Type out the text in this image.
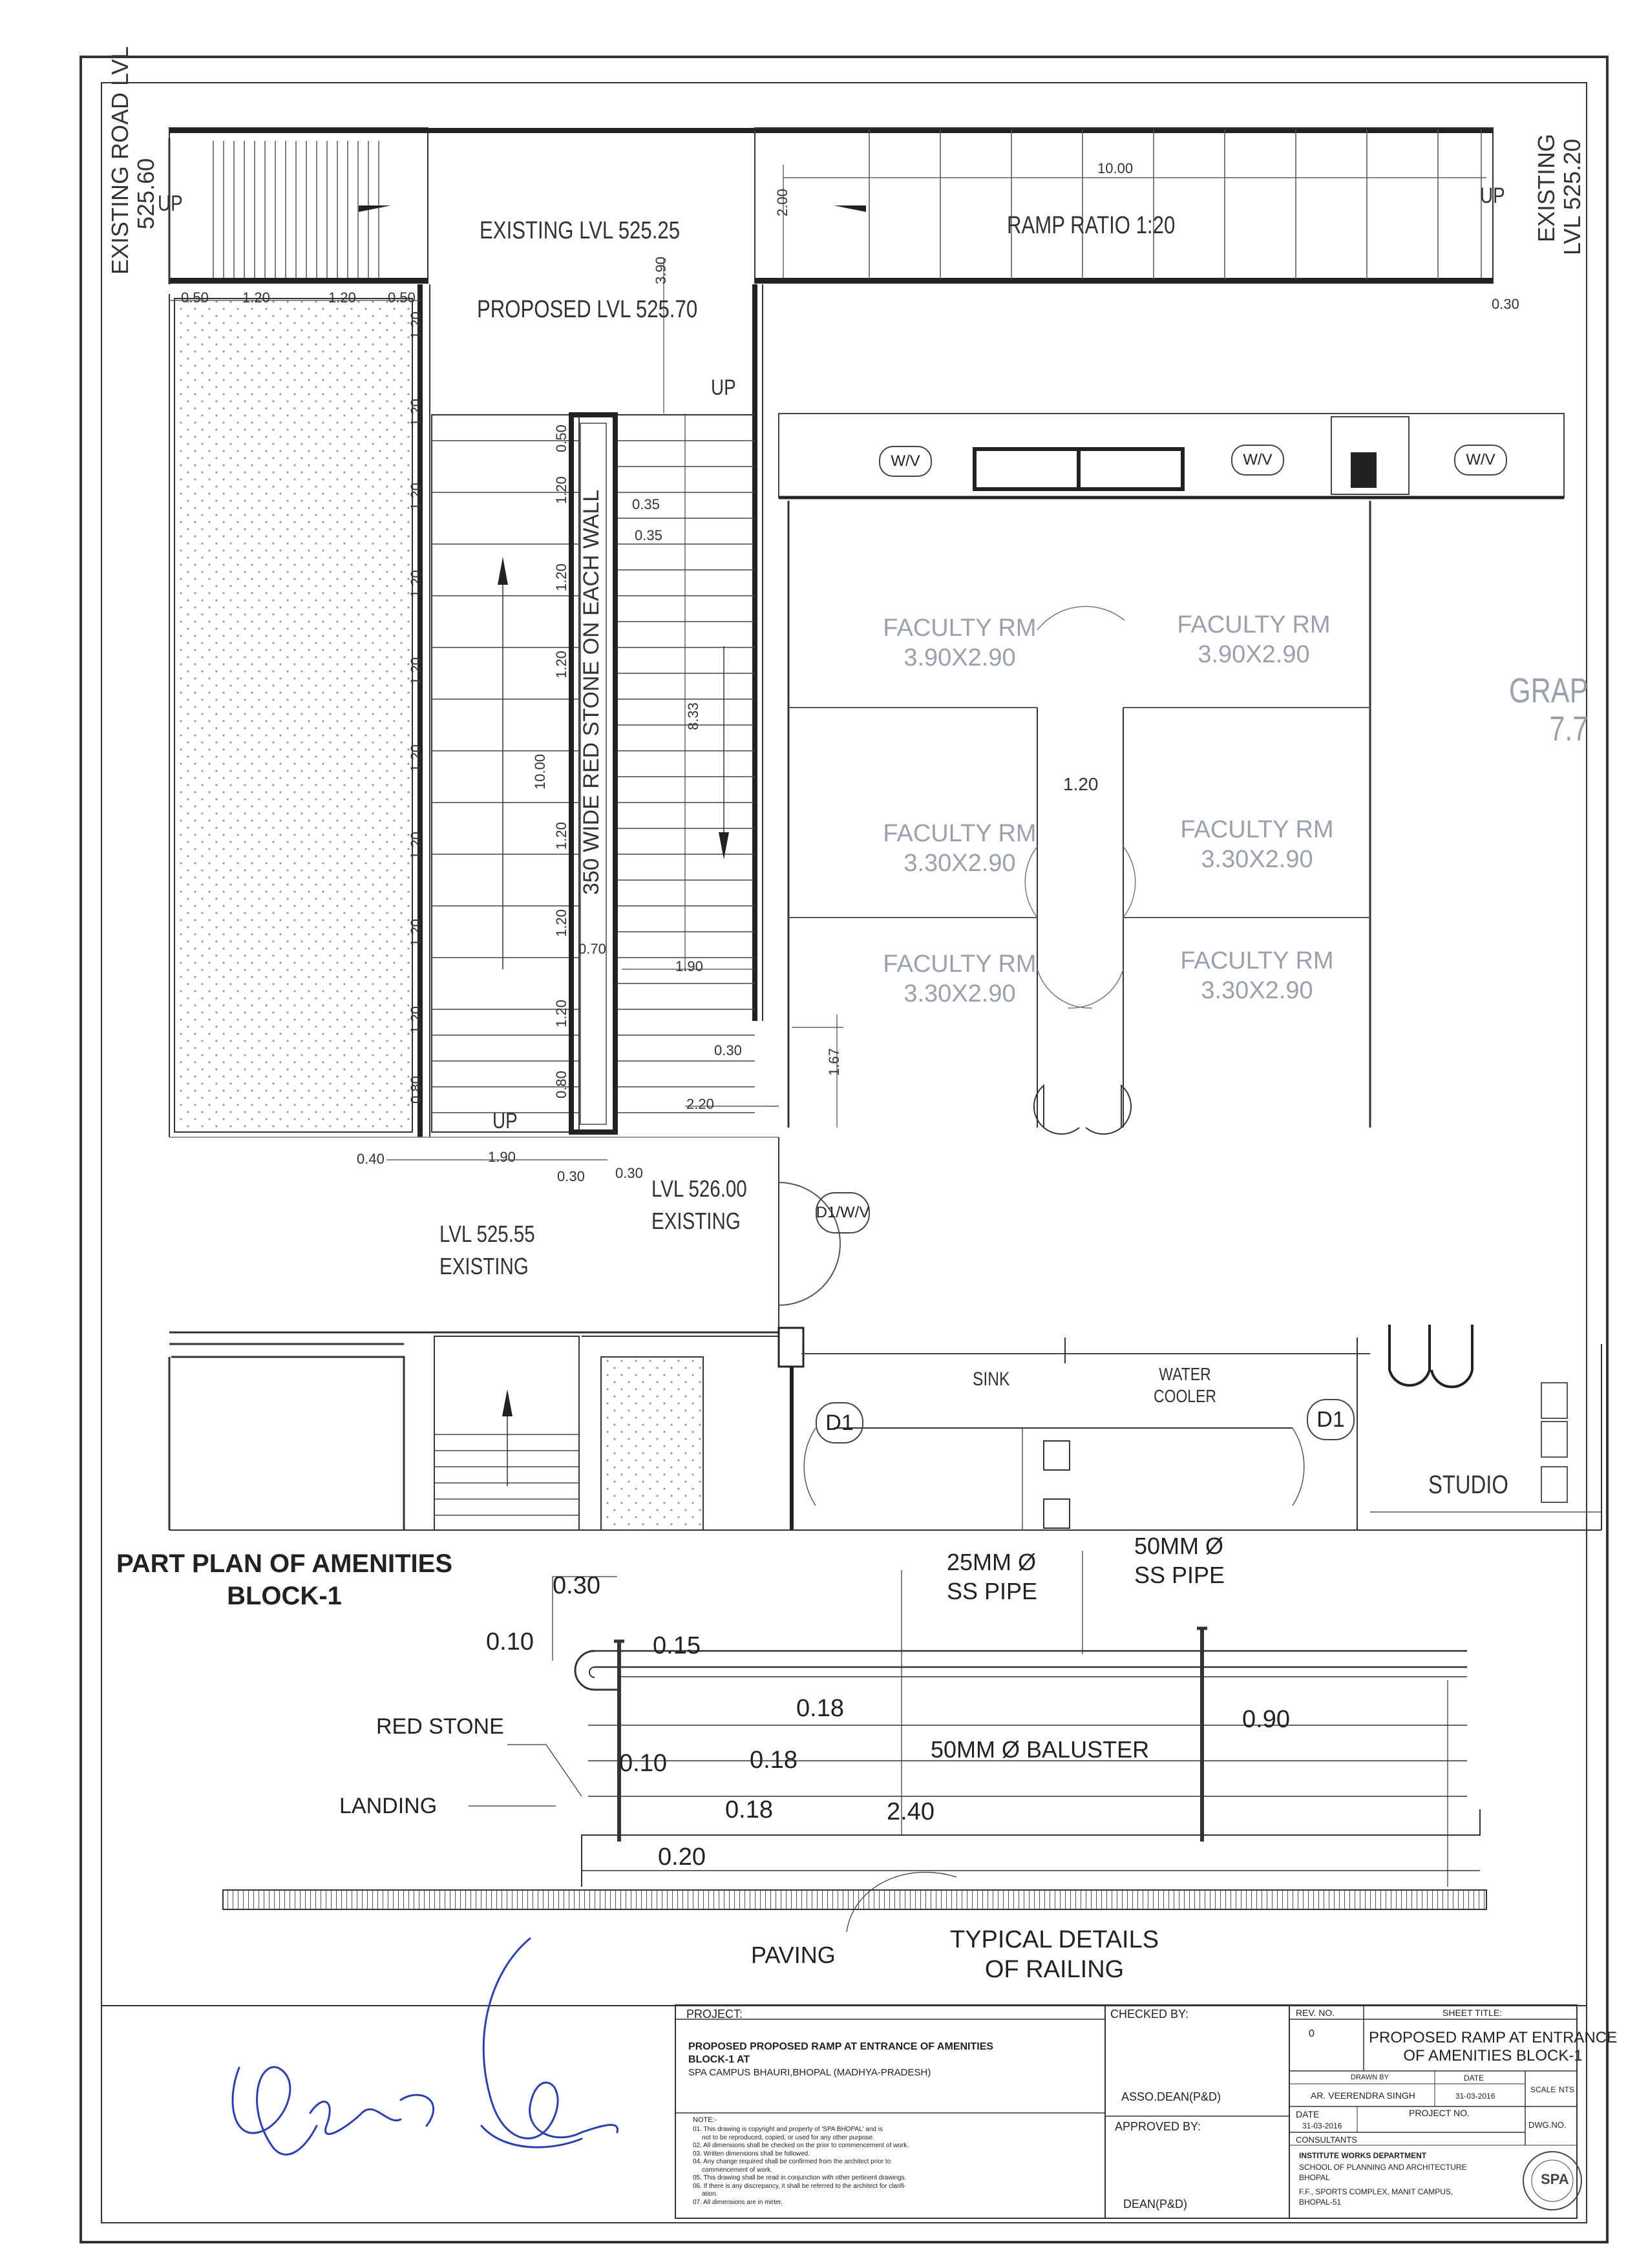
EXISTING ROAD LVL 525.60	EXISTING LVL 525.20
UP	UP
UP
UP
EXISTING LVL 525.25
PROPOSED LVL 525.70
RAMP RATIO 1:20
350 WIDE RED STONE ON EACH WALL
LVL 526.00
EXISTING
LVL 525.55
EXISTING
D1/W/V
SINK	WATER
COOLER
D1	D1
STUDIO
GRAP
7.7
W/V	W/V	W/V
FACULTY RM
3.90X2.90
FACULTY RM
3.90X2.90
FACULTY RM
3.30X2.90
FACULTY RM
3.30X2.90
FACULTY RM
3.30X2.90
FACULTY RM
3.30X2.90
10.00
2.00
3.90
0.30
0.50 1.20	1.20 0.50
0.50
0.35
0.35
8.33
10.00	1.20
0.70
1.90
0.30	1.67
2.20
0.40	1.90
0.30 0.30
1.20
1.20
1.20
1.20
1.20
1.20
1.20
1.20
1.20
0.80
1.20
1.20
1.20
1.20
1.20
1.20
0.80
PART PLAN OF AMENITIES
BLOCK-1
25MM Ø
SS PIPE
50MM Ø
SS PIPE
0.30
0.10	0.15
0.18	0.90
RED STONE
0.10	0.18	50MM Ø BALUSTER
LANDING	0.18	2.40
0.20
PAVING
TYPICAL DETAILS
OF RAILING
PROJECT:
PROPOSED PROPOSED RAMP AT ENTRANCE OF AMENITIES
BLOCK-1 AT
SPA CAMPUS BHAURI,BHOPAL (MADHYA-PRADESH)
CHECKED BY:
ASSO.DEAN(P&D)
APPROVED BY:
DEAN(P&D)
REV. NO.
0
SHEET TITLE:
PROPOSED RAMP AT ENTRANCE
OF AMENITIES BLOCK-1
DRAWN BY	DATE
AR. VEERENDRA SINGH	31-03-2016
SCALE NTS
DATE	PROJECT NO.
31-03-2016	DWG.NO.
CONSULTANTS
INSTITUTE WORKS DEPARTMENT
SCHOOL OF PLANNING AND ARCHITECTURE
BHOPAL
F.F., SPORTS COMPLEX, MANIT CAMPUS,
BHOPAL-51
SPA
NOTE:-
01. This drawing is copyright and property of 'SPA BHOPAL' and is
not to be reproduced, copied, or used for any other purpose.
02. All dimensions shall be checked on the prior to commencement of work.
03. Written dimensions shall be followed.
04. Any change required shall be confirmed from the architect prior to
commencement of work.
05. This drawing shall be read in conjunction with other pertinent drawings.
06. If there is any discrepancy, it shall be referred to the architect for clarifi-
ation.
07. All dimensions are in meter.
